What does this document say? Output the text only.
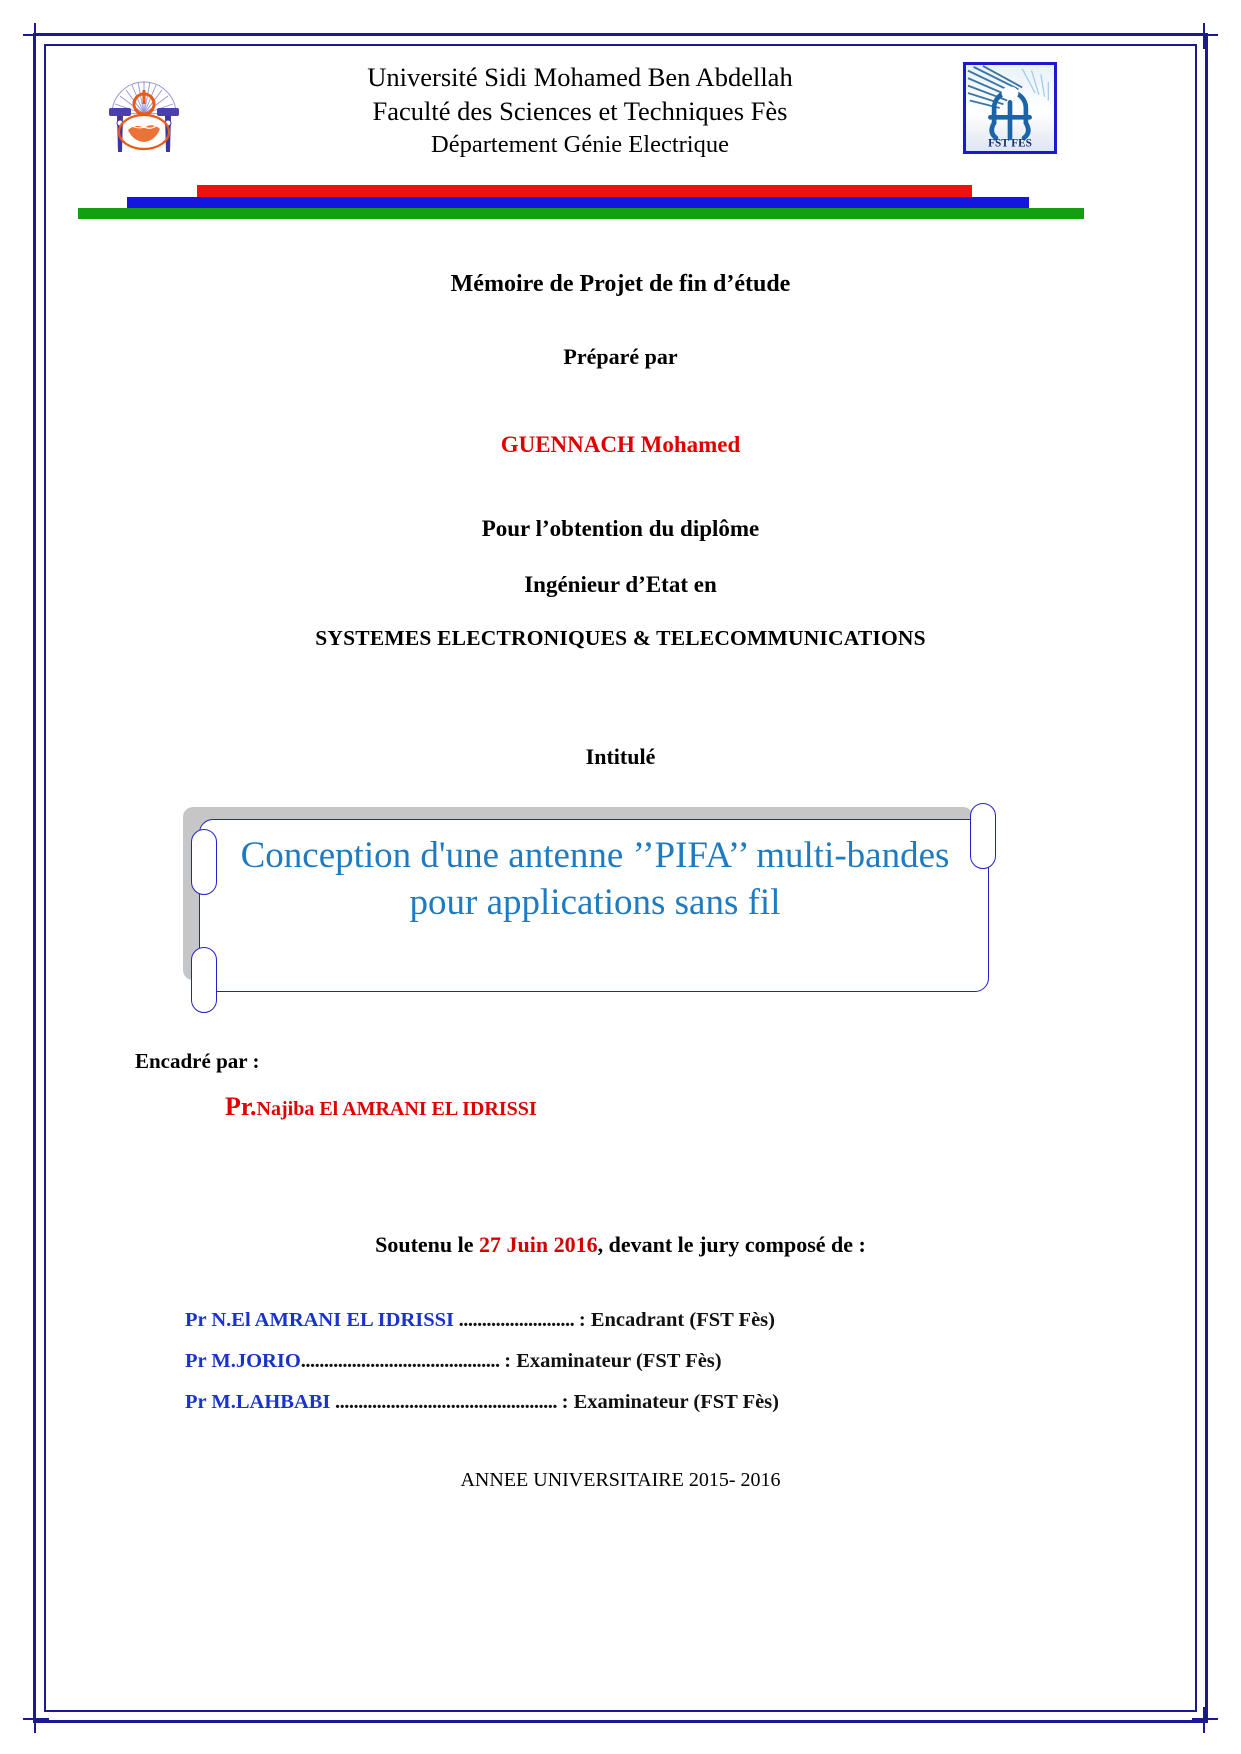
Université Sidi Mohamed Ben Abdellah
Faculté des Sciences et Techniques Fès
Département Génie Electrique	FST FES
Mémoire de Projet de fin d’étude
Préparé par
GUENNACH Mohamed
Pour l’obtention du diplôme
Ingénieur d’Etat en
SYSTEMES ELECTRONIQUES & TELECOMMUNICATIONS
Intitulé
Conception d'une antenne ’’PIFA’’ multi-bandes pour applications sans fil
Encadré par :
Pr.Najiba El AMRANI EL IDRISSI
Soutenu le 27 Juin 2016, devant le jury composé de :
Pr N.El AMRANI EL IDRISSI ......................... : Encadrant (FST Fès)
Pr M.JORIO........................................... : Examinateur (FST Fès)
Pr M.LAHBABI ................................................ : Examinateur (FST Fès)
ANNEE UNIVERSITAIRE 2015- 2016
